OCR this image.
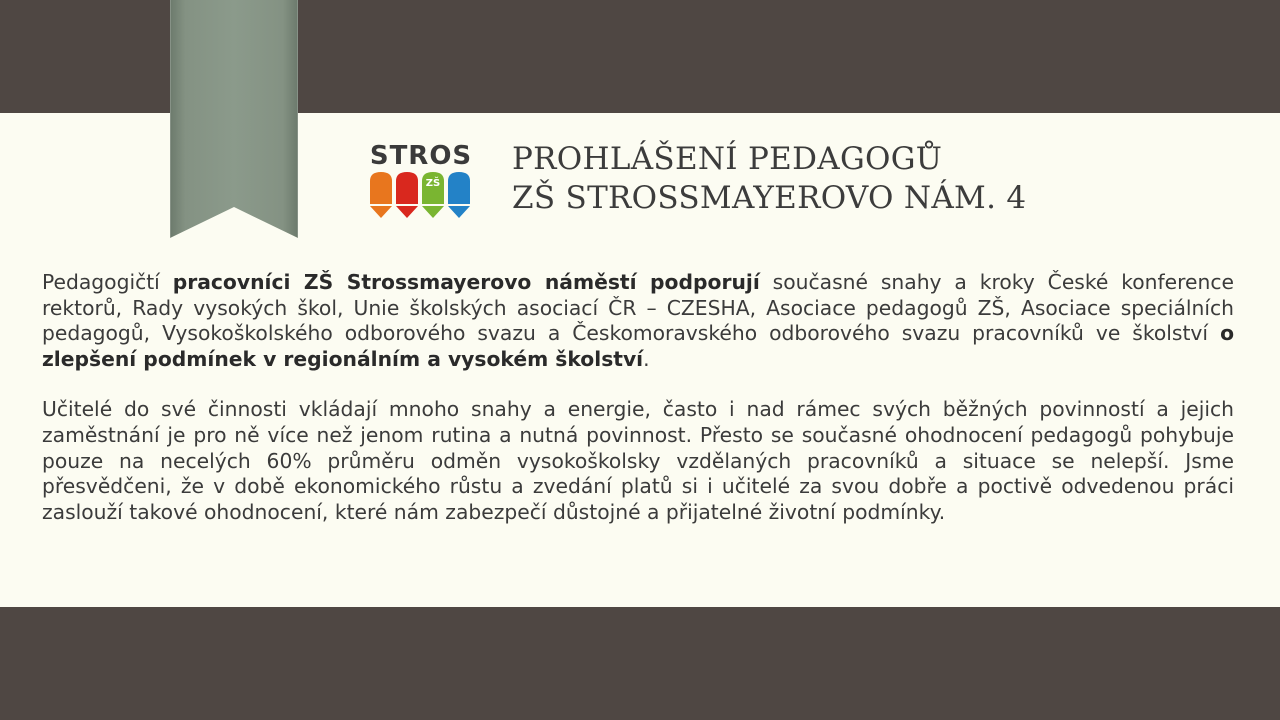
STROS
ZŠ
PROHLÁŠENÍ PEDAGOGŮ
ZŠ STROSSMAYEROVO NÁM. 4

Pedagogičtí pracovníci ZŠ Strossmayerovo náměstí podporují současné snahy a kroky České konference rektorů, Rady vysokých škol, Unie školských asociací ČR – CZESHA, Asociace pedagogů ZŠ, Asociace speciálních pedagogů, Vysokoškolského odborového svazu a Českomoravského odborového svazu pracovníků ve školství o zlepšení podmínek v regionálním a vysokém školství.

Učitelé do své činnosti vkládají mnoho snahy a energie, často i nad rámec svých běžných povinností a jejich zaměstnání je pro ně více než jenom rutina a nutná povinnost. Přesto se současné ohodnocení pedagogů pohybuje pouze na necelých 60% průměru odměn vysokoškolsky vzdělaných pracovníků a situace se nelepší. Jsme přesvědčeni, že v době ekonomického růstu a zvedání platů si i učitelé za svou dobře a poctivě odvedenou práci zaslouží takové ohodnocení, které nám zabezpečí důstojné a přijatelné životní podmínky.
